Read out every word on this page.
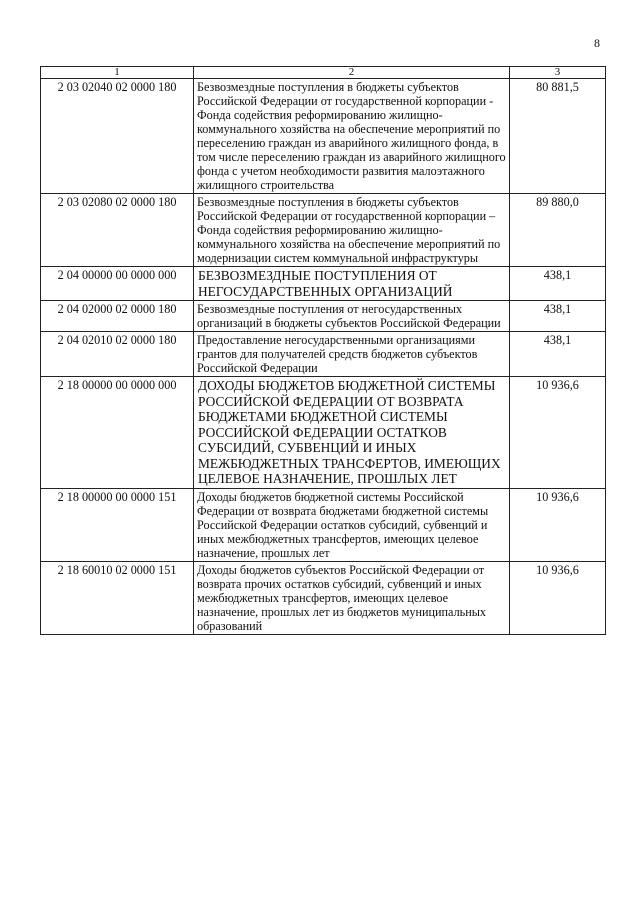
8
1	2	3
2 03 02040 02 0000 180	Безвозмездные поступления в бюджеты субъектов Российской Федерации от государственной корпорации - Фонда содействия реформированию жилищно-коммунального хозяйства на обеспечение мероприятий по переселению граждан из аварийного жилищного фонда, в том числе переселению граждан из аварийного жилищного фонда с учетом необходимости развития малоэтажного жилищного строительства	80 881,5
2 03 02080 02 0000 180	Безвозмездные поступления в бюджеты субъектов Российской Федерации от государственной корпорации – Фонда содействия реформированию жилищно-коммунального хозяйства на обеспечение мероприятий по модернизации систем коммунальной инфраструктуры	89 880,0
2 04 00000 00 0000 000	БЕЗВОЗМЕЗДНЫЕ ПОСТУПЛЕНИЯ ОТ НЕГОСУДАРСТВЕННЫХ ОРГАНИЗАЦИЙ	438,1
2 04 02000 02 0000 180	Безвозмездные поступления от негосударственных организаций в бюджеты субъектов Российской Федерации	438,1
2 04 02010 02 0000 180	Предоставление негосударственными организациями грантов для получателей средств бюджетов субъектов Российской Федерации	438,1
2 18 00000 00 0000 000	ДОХОДЫ БЮДЖЕТОВ БЮДЖЕТНОЙ СИСТЕМЫ РОССИЙСКОЙ ФЕДЕРАЦИИ ОТ ВОЗВРАТА БЮДЖЕТАМИ БЮДЖЕТНОЙ СИСТЕМЫ РОССИЙСКОЙ ФЕДЕРАЦИИ ОСТАТКОВ СУБСИДИЙ, СУБВЕНЦИЙ И ИНЫХ МЕЖБЮДЖЕТНЫХ ТРАНСФЕРТОВ, ИМЕЮЩИХ ЦЕЛЕВОЕ НАЗНАЧЕНИЕ, ПРОШЛЫХ ЛЕТ	10 936,6
2 18 00000 00 0000 151	Доходы бюджетов бюджетной системы Российской Федерации от возврата бюджетами бюджетной системы Российской Федерации остатков субсидий, субвенций и иных межбюджетных трансфертов, имеющих целевое назначение, прошлых лет	10 936,6
2 18 60010 02 0000 151	Доходы бюджетов субъектов Российской Федерации от возврата прочих остатков субсидий, субвенций и иных межбюджетных трансфертов, имеющих целевое назначение, прошлых лет из бюджетов муниципальных образований	10 936,6
